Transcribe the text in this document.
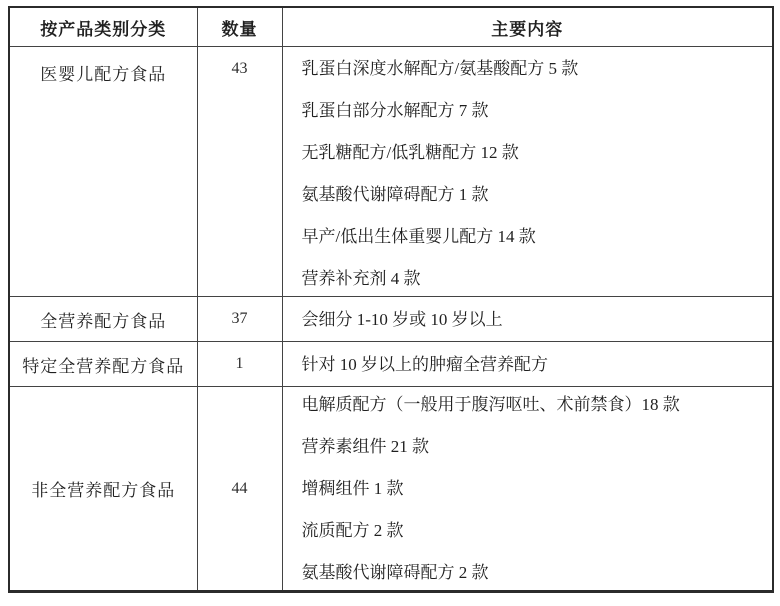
按产品类别分类	数量	主要内容
医婴儿配方食品	43	乳蛋白深度水解配方/氨基酸配方 5 款

乳蛋白部分水解配方 7 款

无乳糖配方/低乳糖配方 12 款

氨基酸代谢障碍配方 1 款

早产/低出生体重婴儿配方 14 款

营养补充剂 4 款

全营养配方食品	37	会细分 1-10 岁或 10 岁以上

特定全营养配方食品	1	针对 10 岁以上的肿瘤全营养配方

非全营养配方食品	44	电解质配方（一般用于腹泻呕吐、术前禁食）18 款

营养素组件 21 款

增稠组件 1 款

流质配方 2 款

氨基酸代谢障碍配方 2 款
